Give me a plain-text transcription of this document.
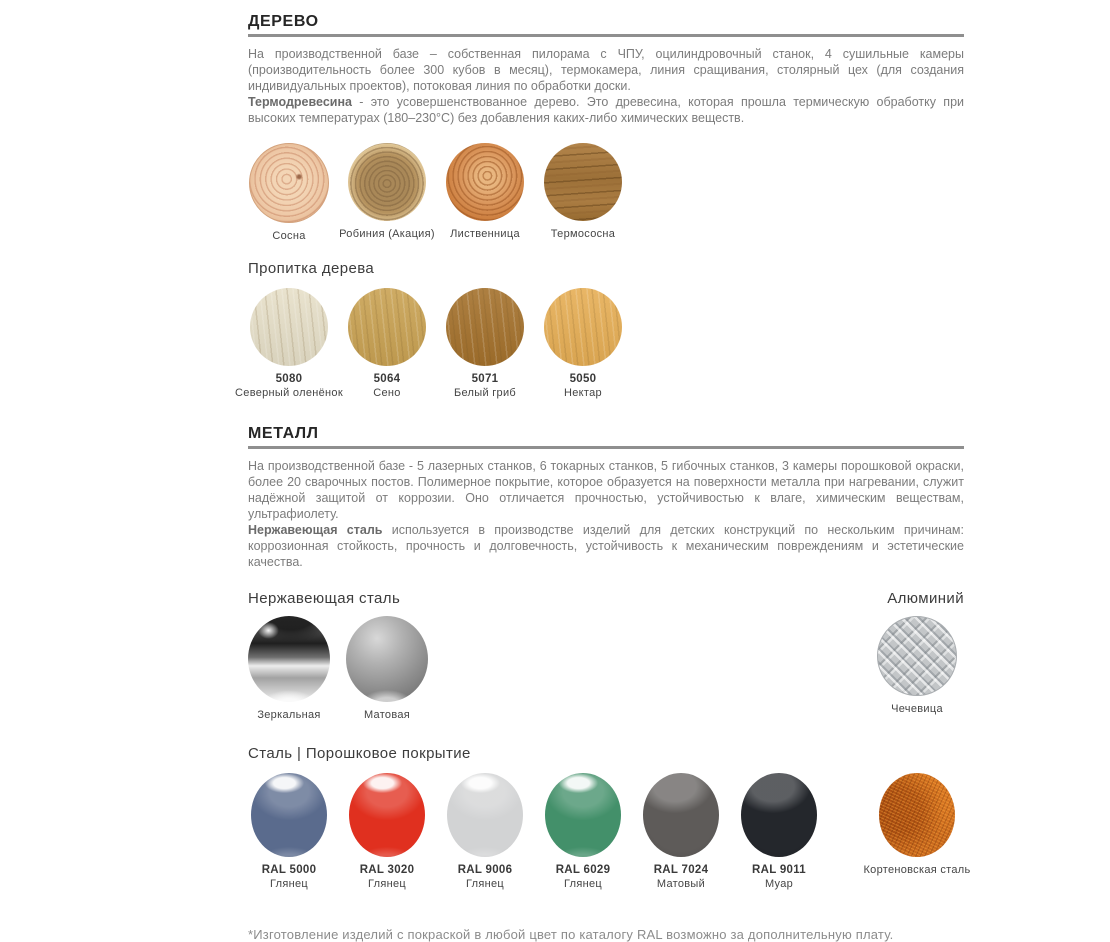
ДЕРЕВО

На производственной базе – собственная пилорама с ЧПУ, оцилиндровочный станок, 4 сушильные камеры (производительность более 300 кубов в месяц), термокамера, линия сращивания, столярный цех (для создания индивидуальных проектов), потоковая линия по обработки доски.

Термодревесина - это усовершенствованное дерево. Это древесина, которая прошла термическую обработку при высоких температурах (180–230°C) без добавления каких-либо химических веществ.

Сосна	Робиния (Акация) Лиственница	Термососна
Пропитка дерева
5080
Северный оленёнок
5064
Сено
5071
Белый гриб
5050
Нектар
МЕТАЛЛ

На производственной базе - 5 лазерных станков, 6 токарных станков, 5 гибочных станков, 3 камеры порошковой окраски, более 20 сварочных постов. Полимерное покрытие, которое образуется на поверхности металла при нагревании, служит надёжной защитой от коррозии. Оно отличается прочностью, устойчивостью к влаге, химическим веществам, ультрафиолету.

Нержавеющая сталь используется в производстве изделий для детских конструкций по нескольким причинам: коррозионная стойкость, прочность и долговечность, устойчивость к механическим повреждениям и эстетические качества.

Нержавеющая сталь	Алюминий
Зеркальная	Матовая	Чечевица
Сталь | Порошковое покрытие
RAL 5000
Глянец
RAL 3020
Глянец
RAL 9006
Глянец
RAL 6029
Глянец
RAL 7024
Матовый
RAL 9011
Муар
Кортеновская сталь

*Изготовление изделий с покраской в любой цвет по каталогу RAL возможно за дополнительную плату.
